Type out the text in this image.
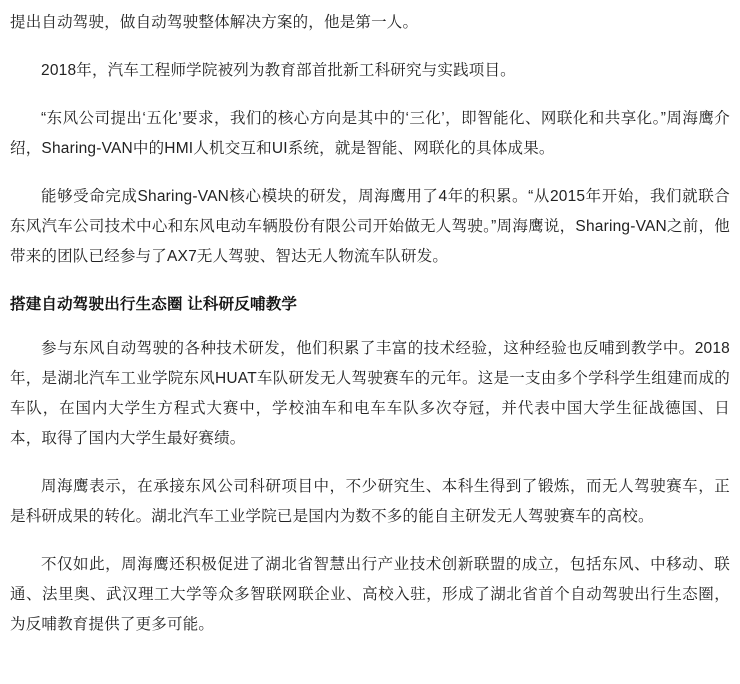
提出自动驾驶，做自动驾驶整体解决方案的，他是第一人。

2018年，汽车工程师学院被列为教育部首批新工科研究与实践项目。

“东风公司提出‘五化’要求，我们的核心方向是其中的‘三化’，即智能化、网联化和共享化。”周海鹰介绍，Sharing-VAN中的HMI人机交互和UI系统，就是智能、网联化的具体成果。

能够受命完成Sharing-VAN核心模块的研发，周海鹰用了4年的积累。“从2015年开始，我们就联合东风汽车公司技术中心和东风电动车辆股份有限公司开始做无人驾驶。”周海鹰说，Sharing-VAN之前，他带来的团队已经参与了AX7无人驾驶、智达无人物流车队研发。

搭建自动驾驶出行生态圈 让科研反哺教学

参与东风自动驾驶的各种技术研发，他们积累了丰富的技术经验，这种经验也反哺到教学中。2018年，是湖北汽车工业学院东风HUAT车队研发无人驾驶赛车的元年。这是一支由多个学科学生组建而成的车队，在国内大学生方程式大赛中，学校油车和电车车队多次夺冠，并代表中国大学生征战德国、日本，取得了国内大学生最好赛绩。

周海鹰表示，在承接东风公司科研项目中，不少研究生、本科生得到了锻炼，而无人驾驶赛车，正是科研成果的转化。湖北汽车工业学院已是国内为数不多的能自主研发无人驾驶赛车的高校。

不仅如此，周海鹰还积极促进了湖北省智慧出行产业技术创新联盟的成立，包括东风、中移动、联通、法里奥、武汉理工大学等众多智联网联企业、高校入驻，形成了湖北省首个自动驾驶出行生态圈，为反哺教育提供了更多可能。
